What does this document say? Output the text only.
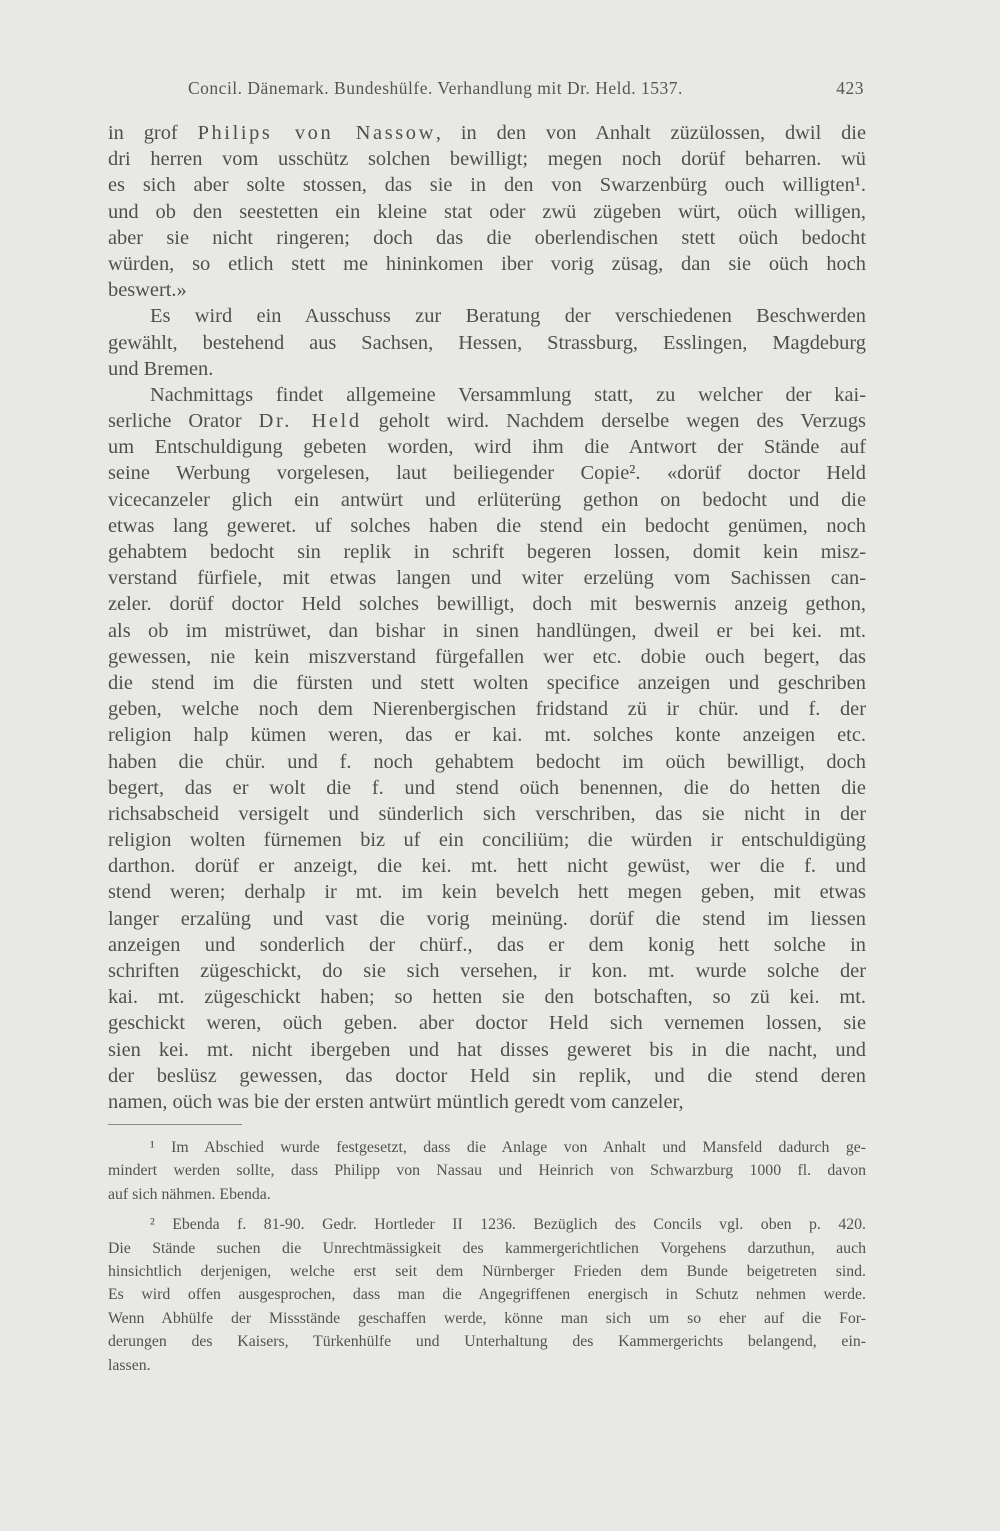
Concil. Dänemark. Bundeshülfe. Verhandlung mit Dr. Held. 1537.	423
in grof Philips von Nassow, in den von Anhalt züzülossen, dwil die
dri herren vom usschütz solchen bewilligt; megen noch dorüf beharren. wü
es sich aber solte stossen, das sie in den von Swarzenbürg ouch willigten¹.
und ob den seestetten ein kleine stat oder zwü zügeben würt, oüch willigen,
aber sie nicht ringeren; doch das die oberlendischen stett oüch bedocht
würden, so etlich stett me hininkomen iber vorig züsag, dan sie oüch hoch
beswert.»
Es wird ein Ausschuss zur Beratung der verschiedenen Beschwerden
gewählt, bestehend aus Sachsen, Hessen, Strassburg, Esslingen, Magdeburg
und Bremen.
Nachmittags findet allgemeine Versammlung statt, zu welcher der kai-
serliche Orator Dr. Held geholt wird. Nachdem derselbe wegen des Verzugs
um Entschuldigung gebeten worden, wird ihm die Antwort der Stände auf
seine Werbung vorgelesen, laut beiliegender Copie². «dorüf doctor Held
vicecanzeler glich ein antwürt und erlüterüng gethon on bedocht und die
etwas lang geweret. uf solches haben die stend ein bedocht genümen, noch
gehabtem bedocht sin replik in schrift begeren lossen, domit kein misz-
verstand fürfiele, mit etwas langen und witer erzelüng vom Sachissen can-
zeler. dorüf doctor Held solches bewilligt, doch mit beswernis anzeig gethon,
als ob im mistrüwet, dan bishar in sinen handlüngen, dweil er bei kei. mt.
gewessen, nie kein miszverstand fürgefallen wer etc. dobie ouch begert, das
die stend im die fürsten und stett wolten specifice anzeigen und geschriben
geben, welche noch dem Nierenbergischen fridstand zü ir chür. und f. der
religion halp kümen weren, das er kai. mt. solches konte anzeigen etc.
haben die chür. und f. noch gehabtem bedocht im oüch bewilligt, doch
begert, das er wolt die f. und stend oüch benennen, die do hetten die
richsabscheid versigelt und sünderlich sich verschriben, das sie nicht in der
religion wolten fürnemen biz uf ein conciliüm; die würden ir entschuldigüng
darthon. dorüf er anzeigt, die kei. mt. hett nicht gewüst, wer die f. und
stend weren; derhalp ir mt. im kein bevelch hett megen geben, mit etwas
langer erzalüng und vast die vorig meinüng. dorüf die stend im liessen
anzeigen und sonderlich der chürf., das er dem konig hett solche in
schriften zügeschickt, do sie sich versehen, ir kon. mt. wurde solche der
kai. mt. zügeschickt haben; so hetten sie den botschaften, so zü kei. mt.
geschickt weren, oüch geben. aber doctor Held sich vernemen lossen, sie
sien kei. mt. nicht ibergeben und hat disses geweret bis in die nacht, und
der beslüsz gewessen, das doctor Held sin replik, und die stend deren
namen, oüch was bie der ersten antwürt müntlich geredt vom canzeler,
¹ Im Abschied wurde festgesetzt, dass die Anlage von Anhalt und Mansfeld dadurch ge-
mindert werden sollte, dass Philipp von Nassau und Heinrich von Schwarzburg 1000 fl. davon
auf sich nähmen. Ebenda.
² Ebenda f. 81-90. Gedr. Hortleder II 1236. Bezüglich des Concils vgl. oben p. 420.
Die Stände suchen die Unrechtmässigkeit des kammergerichtlichen Vorgehens darzuthun, auch
hinsichtlich derjenigen, welche erst seit dem Nürnberger Frieden dem Bunde beigetreten sind.
Es wird offen ausgesprochen, dass man die Angegriffenen energisch in Schutz nehmen werde.
Wenn Abhülfe der Missstände geschaffen werde, könne man sich um so eher auf die For-
derungen des Kaisers, Türkenhülfe und Unterhaltung des Kammergerichts belangend, ein-
lassen.
